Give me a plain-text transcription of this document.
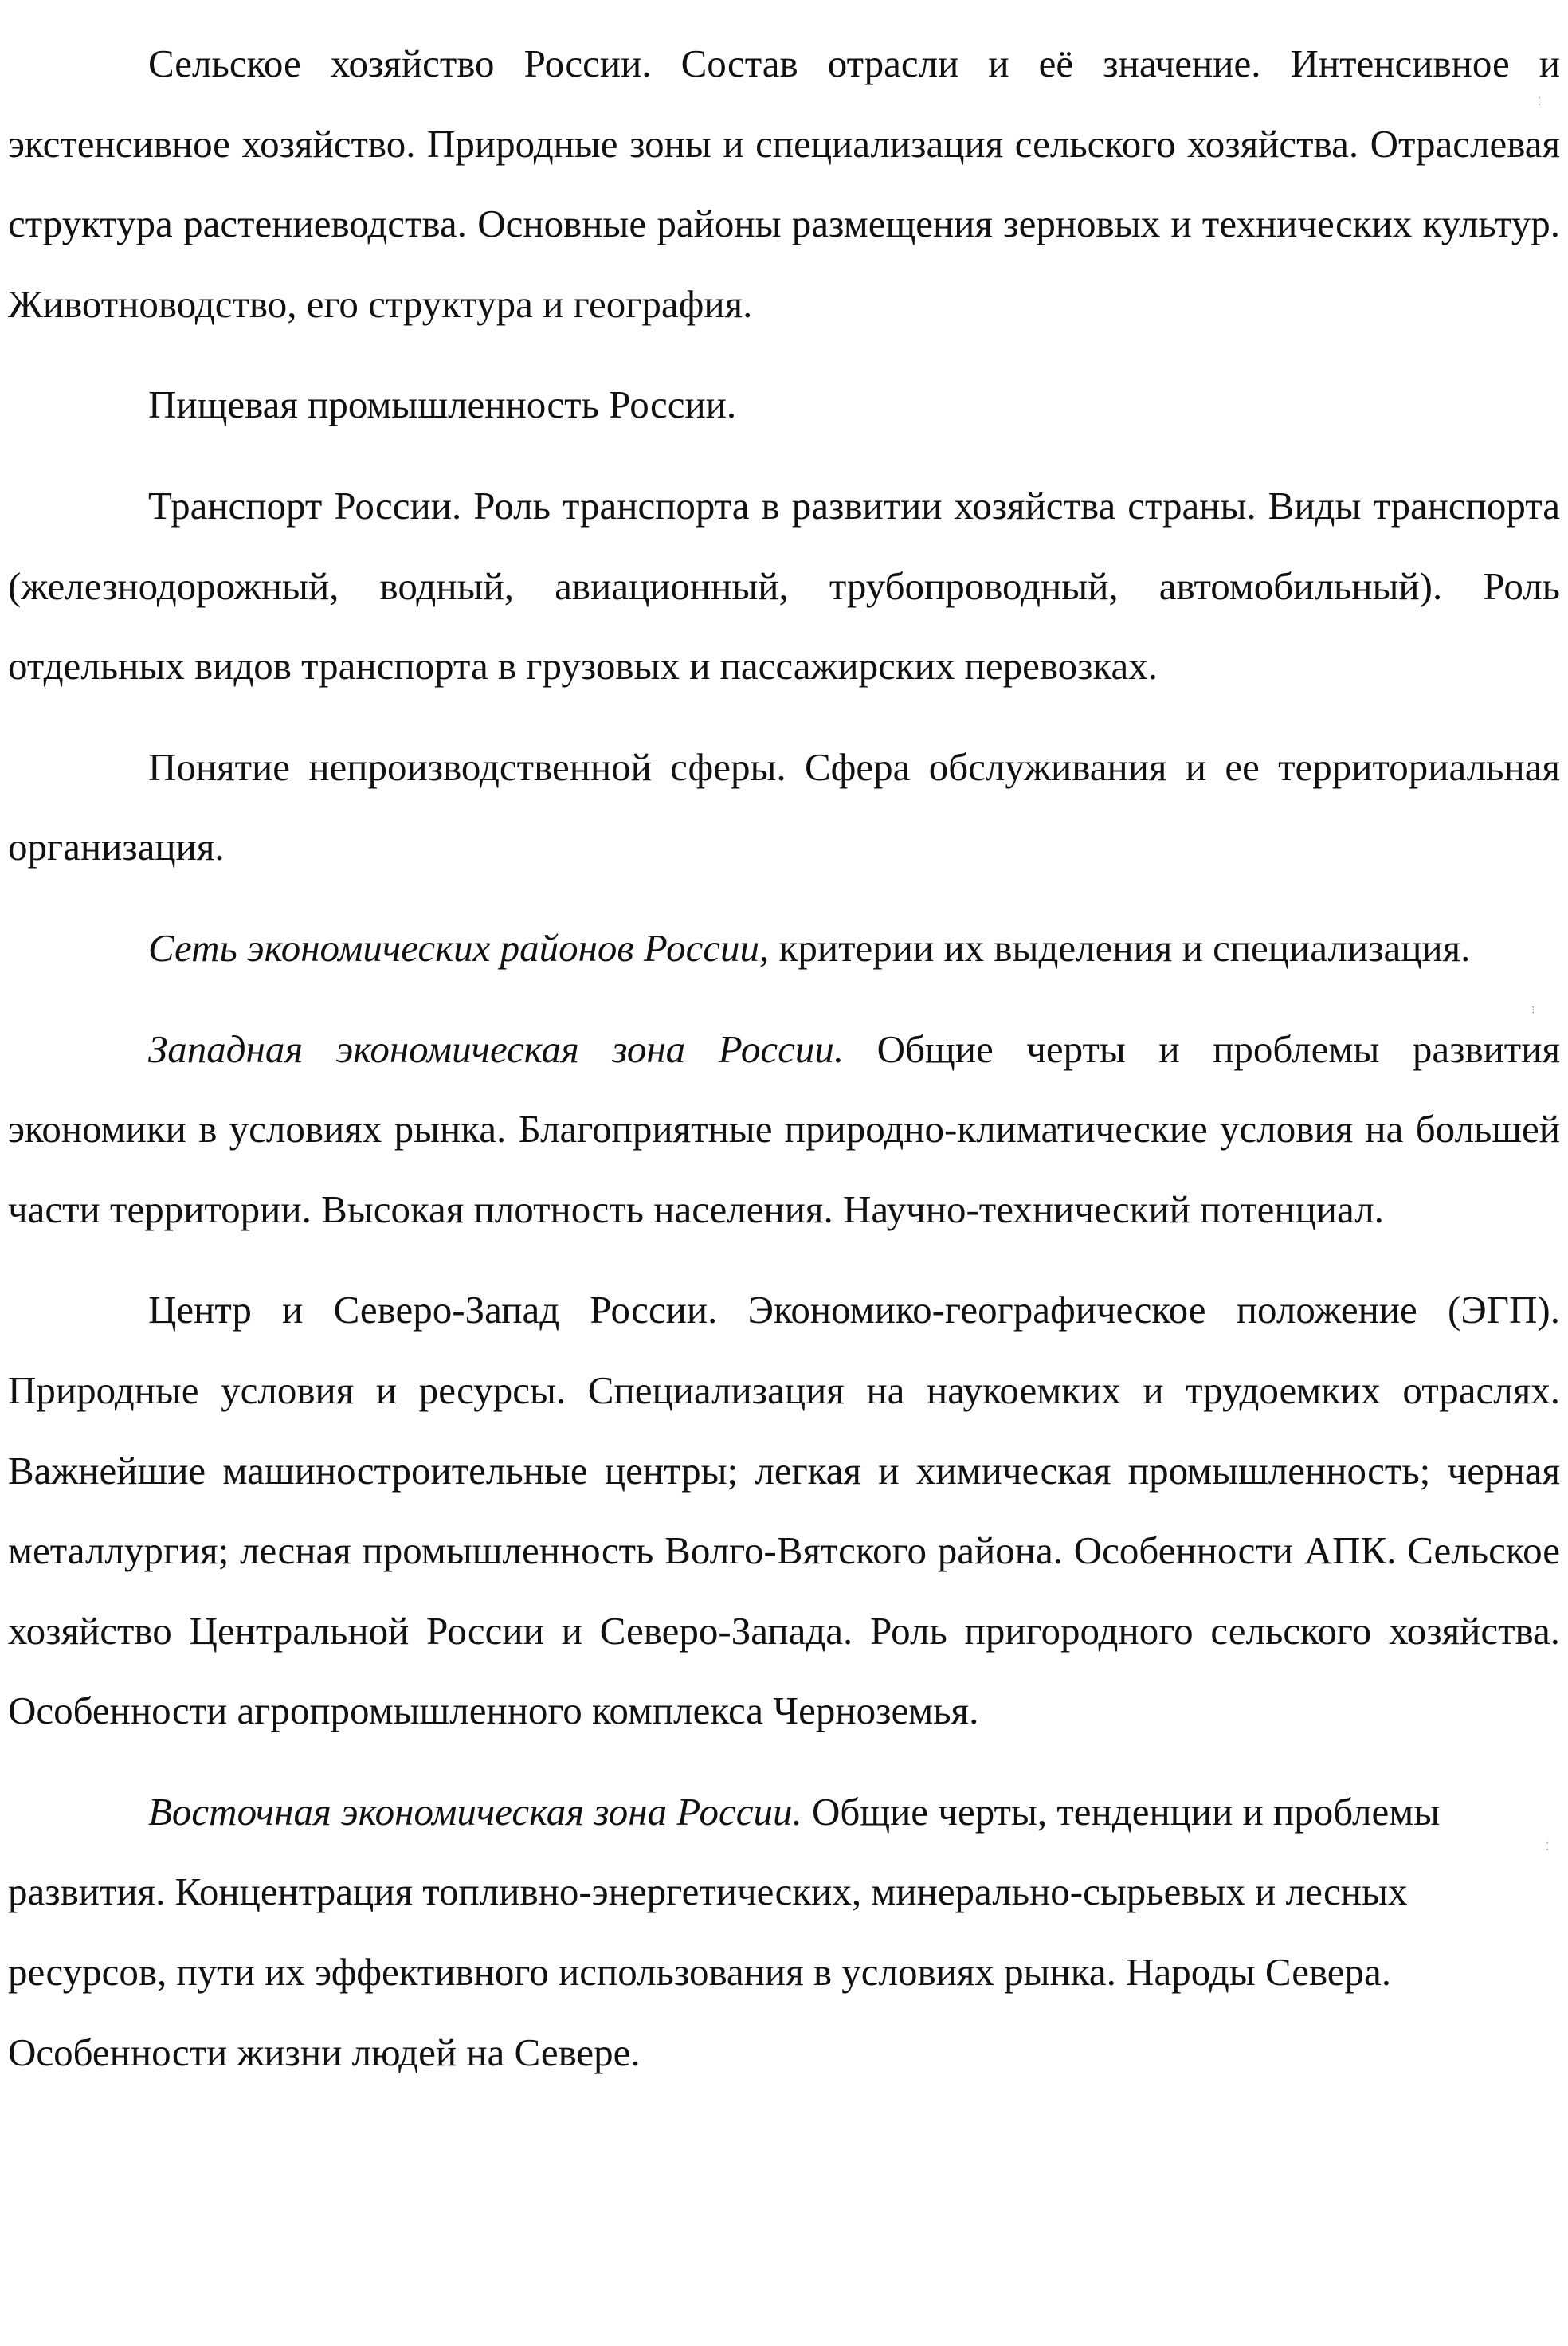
Сельское хозяйство России. Состав отрасли и её значение. Интенсивное и экстенсивное хозяйство. Природные зоны и специализация сельского хозяйства. Отраслевая структура растениеводства. Основные районы размещения зерновых и технических культур. Животноводство, его структура и география.

Пищевая промышленность России.

Транспорт России. Роль транспорта в развитии хозяйства страны. Виды транспорта (железнодорожный, водный, авиационный, трубопроводный, автомобильный). Роль отдельных видов транспорта в грузовых и пассажирских перевозках.

Понятие непроизводственной сферы. Сфера обслуживания и ее территориальная организация.

Сеть экономических районов России, критерии их выделения и специализация.

Западная экономическая зона России. Общие черты и проблемы развития экономики в условиях рынка. Благоприятные природно-климатические условия на большей части территории. Высокая плотность населения. Научно-технический потенциал.

Центр и Северо-Запад России. Экономико-географическое положение (ЭГП). Природные условия и ресурсы. Специализация на наукоемких и трудоемких отраслях. Важнейшие машиностроительные центры; легкая и химическая промышленность; черная металлургия; лесная промышленность Волго-Вятского района. Особенности АПК. Сельское хозяйство Центральной России и Северо-Запада. Роль пригородного сельского хозяйства. Особенности агропромышленного комплекса Черноземья.

Восточная экономическая зона России. Общие черты, тенденции и проблемы развития. Концентрация топливно-энергетических, минерально-сырьевых и лесных ресурсов, пути их эффективного использования в условиях рынка. Народы Севера. Особенности жизни людей на Севере.

⁚
⁝
⁚
